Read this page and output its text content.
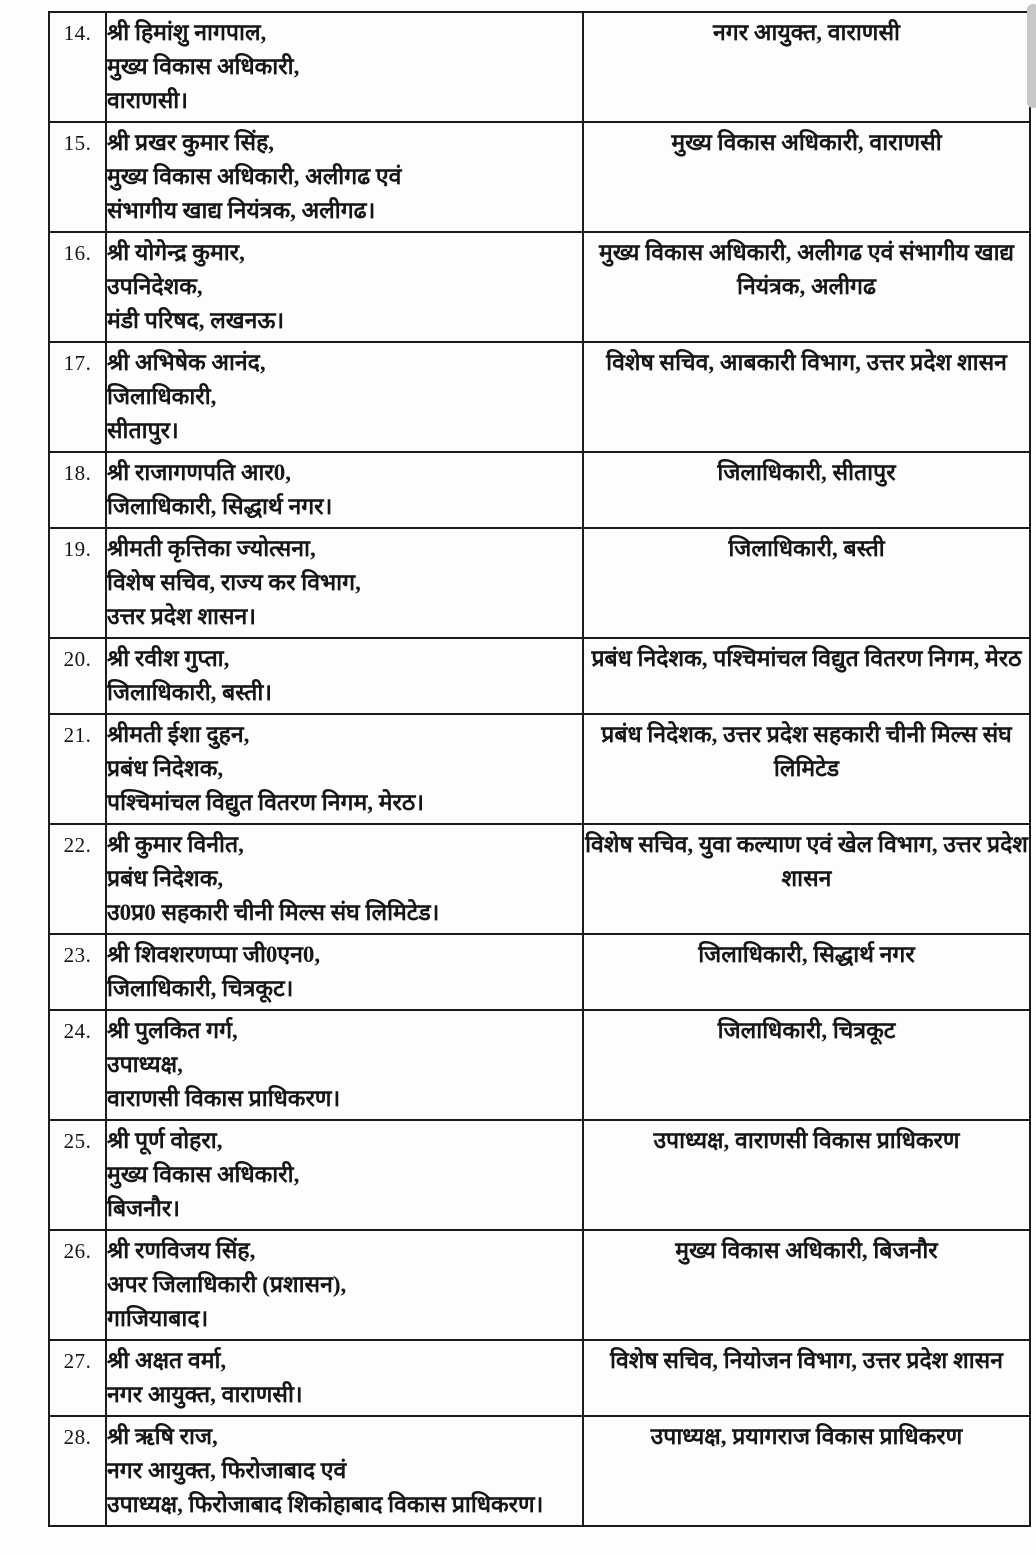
14.	श्री हिमांशु नागपाल,
मुख्य विकास अधिकारी,
वाराणसी।	नगर आयुक्त, वाराणसी
15.	श्री प्रखर कुमार सिंह,
मुख्य विकास अधिकारी, अलीगढ एवं
संभागीय खाद्य नियंत्रक, अलीगढ।	मुख्य विकास अधिकारी, वाराणसी
16.	श्री योगेन्द्र कुमार,
उपनिदेशक,
मंडी परिषद, लखनऊ।	मुख्य विकास अधिकारी, अलीगढ एवं संभागीय खाद्य नियंत्रक, अलीगढ
17.	श्री अभिषेक आनंद,
जिलाधिकारी,
सीतापुर।	विशेष सचिव, आबकारी विभाग, उत्तर प्रदेश शासन
18.	श्री राजागणपति आर0,
जिलाधिकारी, सिद्धार्थ नगर।	जिलाधिकारी, सीतापुर
19.	श्रीमती कृत्तिका ज्योत्सना,
विशेष सचिव, राज्य कर विभाग,
उत्तर प्रदेश शासन।	जिलाधिकारी, बस्ती
20.	श्री रवीश गुप्ता,
जिलाधिकारी, बस्ती।	प्रबंध निदेशक, पश्चिमांचल विद्युत वितरण निगम, मेरठ
21.	श्रीमती ईशा दुहन,
प्रबंध निदेशक,
पश्चिमांचल विद्युत वितरण निगम, मेरठ।	प्रबंध निदेशक, उत्तर प्रदेश सहकारी चीनी मिल्स संघ लिमिटेड
22.	श्री कुमार विनीत,
प्रबंध निदेशक,
उ0प्र0 सहकारी चीनी मिल्स संघ लिमिटेड।	विशेष सचिव, युवा कल्याण एवं खेल विभाग, उत्तर प्रदेश शासन
23.	श्री शिवशरणप्पा जी0एन0,
जिलाधिकारी, चित्रकूट।	जिलाधिकारी, सिद्धार्थ नगर
24.	श्री पुलकित गर्ग,
उपाध्यक्ष,
वाराणसी विकास प्राधिकरण।	जिलाधिकारी, चित्रकूट
25.	श्री पूर्ण वोहरा,
मुख्य विकास अधिकारी,
बिजनौर।	उपाध्यक्ष, वाराणसी विकास प्राधिकरण
26.	श्री रणविजय सिंह,
अपर जिलाधिकारी (प्रशासन),
गाजियाबाद।	मुख्य विकास अधिकारी, बिजनौर
27.	श्री अक्षत वर्मा,
नगर आयुक्त, वाराणसी।	विशेष सचिव, नियोजन विभाग, उत्तर प्रदेश शासन
28.	श्री ऋषि राज,
नगर आयुक्त, फिरोजाबाद एवं
उपाध्यक्ष, फिरोजाबाद शिकोहाबाद विकास प्राधिकरण।	उपाध्यक्ष, प्रयागराज विकास प्राधिकरण
